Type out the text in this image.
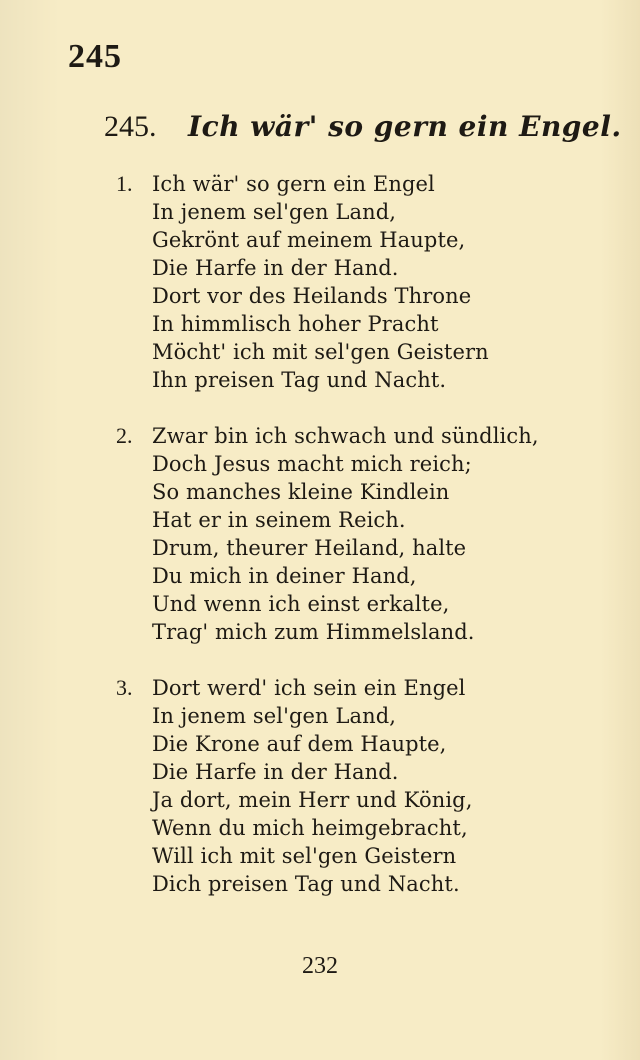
245
245. Ich wär' so gern ein Engel.
1. Ich wär' so gern ein Engel
In jenem sel'gen Land,
Gekrönt auf meinem Haupte,
Die Harfe in der Hand.
Dort vor des Heilands Throne
In himmlisch hoher Pracht
Möcht' ich mit sel'gen Geistern
Ihn preisen Tag und Nacht.
2. Zwar bin ich schwach und sündlich,
Doch Jesus macht mich reich;
So manches kleine Kindlein
Hat er in seinem Reich.
Drum, theurer Heiland, halte
Du mich in deiner Hand,
Und wenn ich einst erkalte,
Trag' mich zum Himmelsland.
3. Dort werd' ich sein ein Engel
In jenem sel'gen Land,
Die Krone auf dem Haupte,
Die Harfe in der Hand.
Ja dort, mein Herr und König,
Wenn du mich heimgebracht,
Will ich mit sel'gen Geistern
Dich preisen Tag und Nacht.
232
